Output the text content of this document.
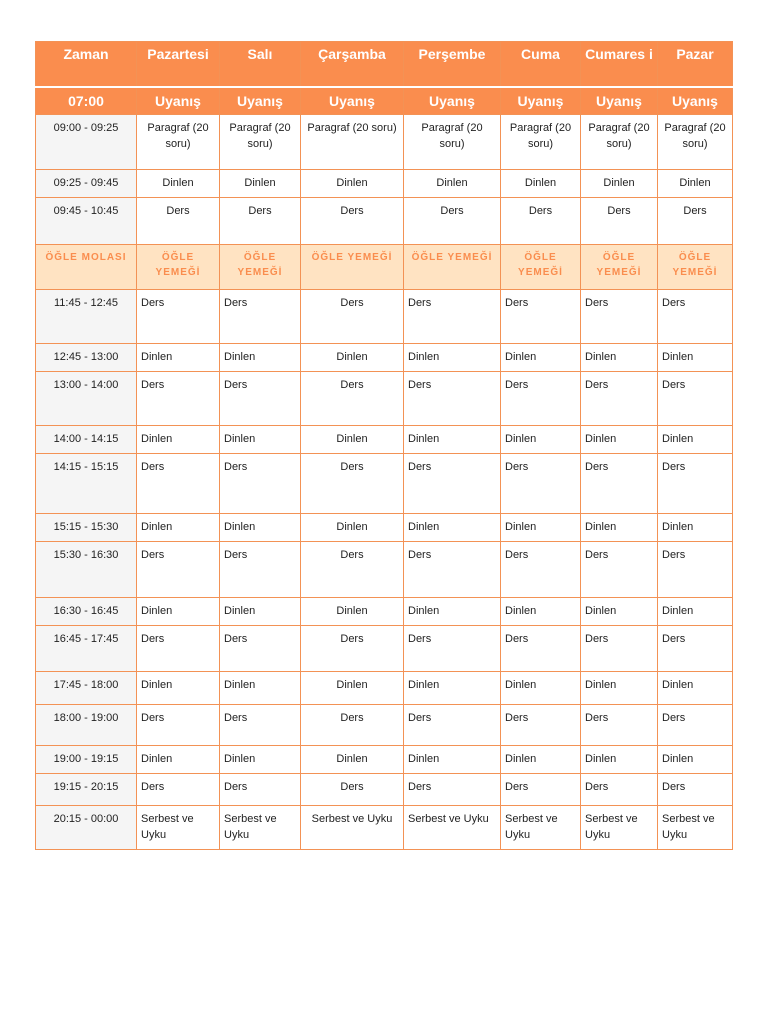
Zaman	Pazartesi	Salı	Çarşamba	Perşembe	Cuma	Cumares i	Pazar
07:00	Uyanış	Uyanış	Uyanış	Uyanış	Uyanış	Uyanış	Uyanış
09:00 - 09:25	Paragraf (20 soru)	Paragraf (20 soru)	Paragraf (20 soru)	Paragraf (20 soru)	Paragraf (20 soru)	Paragraf (20 soru)	Paragraf (20 soru)
09:25 - 09:45	Dinlen	Dinlen	Dinlen	Dinlen	Dinlen	Dinlen	Dinlen
09:45 - 10:45	Ders	Ders	Ders	Ders	Ders	Ders	Ders
ÖĞLE MOLASI	ÖĞLE YEMEĞİ	ÖĞLE YEMEĞİ	ÖĞLE YEMEĞİ	ÖĞLE YEMEĞİ	ÖĞLE YEMEĞİ	ÖĞLE YEMEĞİ	ÖĞLE YEMEĞİ
11:45 - 12:45	Ders	Ders	Ders	Ders	Ders	Ders	Ders
12:45 - 13:00	Dinlen	Dinlen	Dinlen	Dinlen	Dinlen	Dinlen	Dinlen
13:00 - 14:00	Ders	Ders	Ders	Ders	Ders	Ders	Ders
14:00 - 14:15	Dinlen	Dinlen	Dinlen	Dinlen	Dinlen	Dinlen	Dinlen
14:15 - 15:15	Ders	Ders	Ders	Ders	Ders	Ders	Ders
15:15 - 15:30	Dinlen	Dinlen	Dinlen	Dinlen	Dinlen	Dinlen	Dinlen
15:30 - 16:30	Ders	Ders	Ders	Ders	Ders	Ders	Ders
16:30 - 16:45	Dinlen	Dinlen	Dinlen	Dinlen	Dinlen	Dinlen	Dinlen
16:45 - 17:45	Ders	Ders	Ders	Ders	Ders	Ders	Ders
17:45 - 18:00	Dinlen	Dinlen	Dinlen	Dinlen	Dinlen	Dinlen	Dinlen
18:00 - 19:00	Ders	Ders	Ders	Ders	Ders	Ders	Ders
19:00 - 19:15	Dinlen	Dinlen	Dinlen	Dinlen	Dinlen	Dinlen	Dinlen
19:15 - 20:15	Ders	Ders	Ders	Ders	Ders	Ders	Ders
20:15 - 00:00	Serbest ve Uyku	Serbest ve Uyku	Serbest ve Uyku	Serbest ve Uyku	Serbest ve Uyku	Serbest ve Uyku	Serbest ve Uyku
